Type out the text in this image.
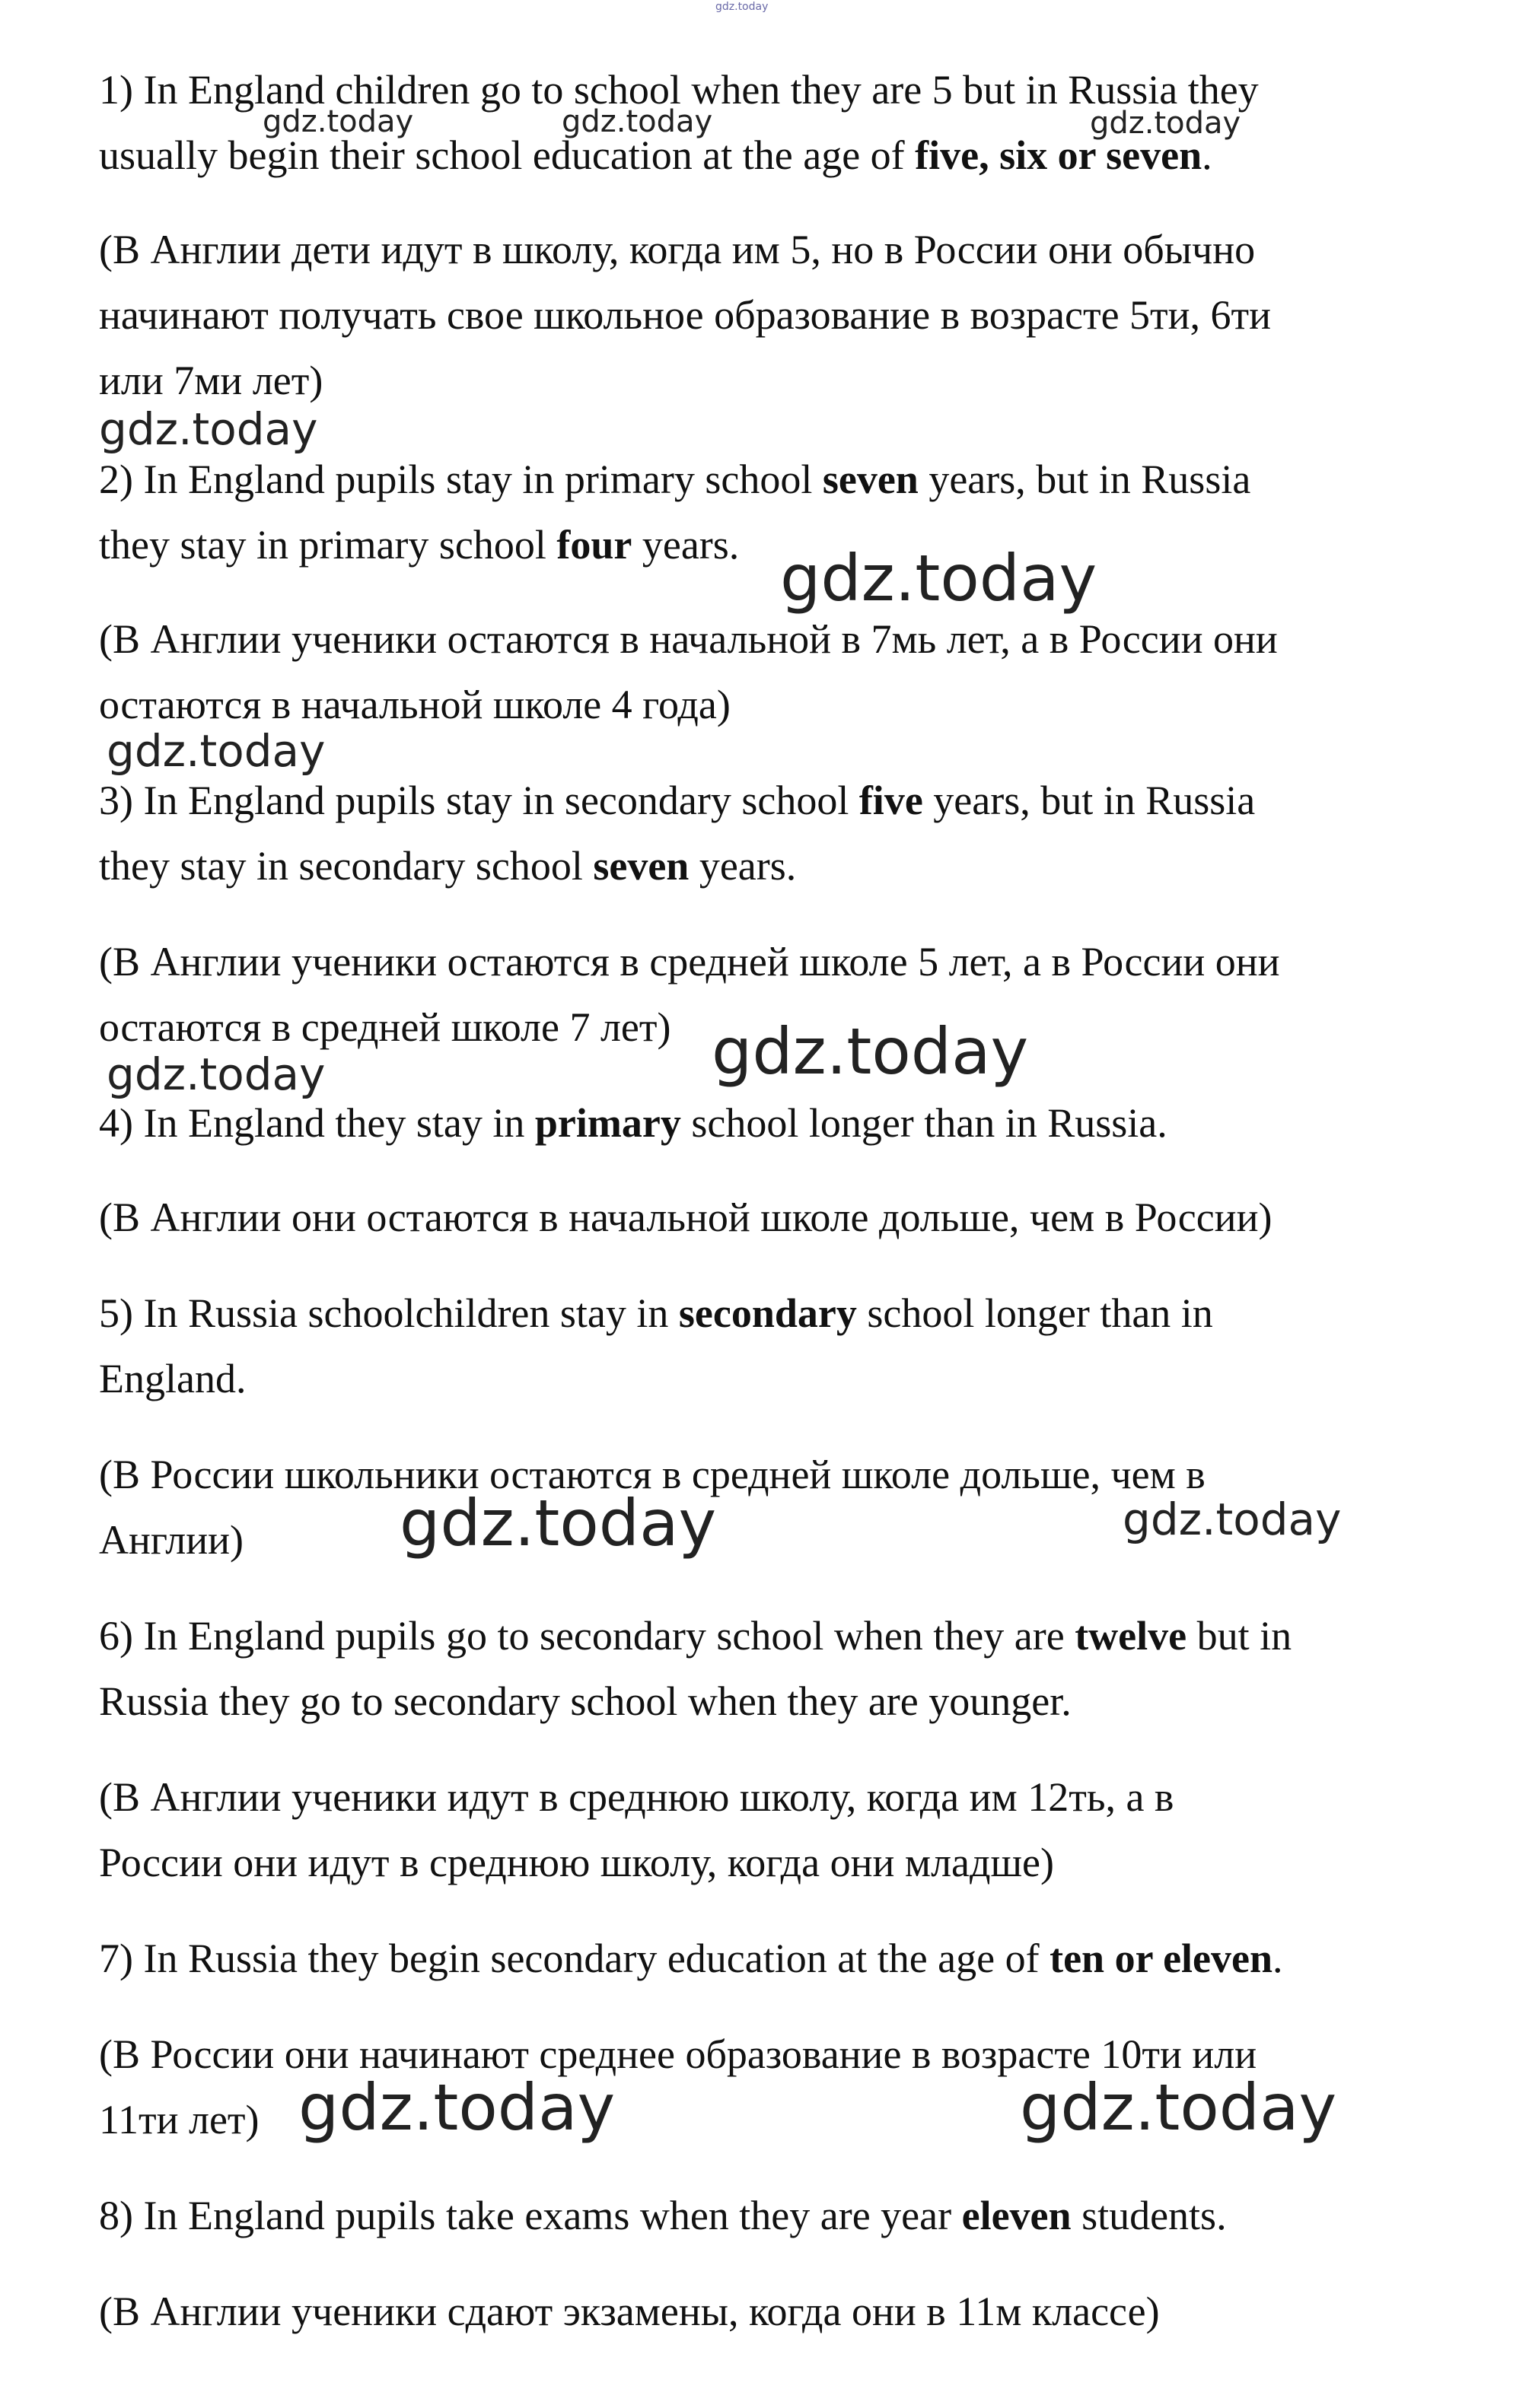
gdz.today
gdz.today	gdz.today	gdz.today
gdz.today
gdz.today
gdz.today
gdz.today
gdz.today
gdz.today	gdz.today
gdz.today	gdz.today
1) In England children go to school when they are 5 but in Russia they
usually begin their school education at the age of five, six or seven.
(В Англии дети идут в школу, когда им 5, но в России они обычно
начинают получать свое школьное образование в возрасте 5ти, 6ти
или 7ми лет)
2) In England pupils stay in primary school seven years, but in Russia
they stay in primary school four years.
(В Англии ученики остаются в начальной в 7мь лет, а в России они
остаются в начальной школе 4 года)
3) In England pupils stay in secondary school five years, but in Russia
they stay in secondary school seven years.
(В Англии ученики остаются в средней школе 5 лет, а в России они
остаются в средней школе 7 лет)
4) In England they stay in primary school longer than in Russia.
(В Англии они остаются в начальной школе дольше, чем в России)
5) In Russia schoolchildren stay in secondary school longer than in
England.
(В России школьники остаются в средней школе дольше, чем в
Англии)
6) In England pupils go to secondary school when they are twelve but in
Russia they go to secondary school when they are younger.
(В Англии ученики идут в среднюю школу, когда им 12ть, а в
России они идут в среднюю школу, когда они младше)
7) In Russia they begin secondary education at the age of ten or eleven.
(В России они начинают среднее образование в возрасте 10ти или
11ти лет)
8) In England pupils take exams when they are year eleven students.
(В Англии ученики сдают экзамены, когда они в 11м классе)
